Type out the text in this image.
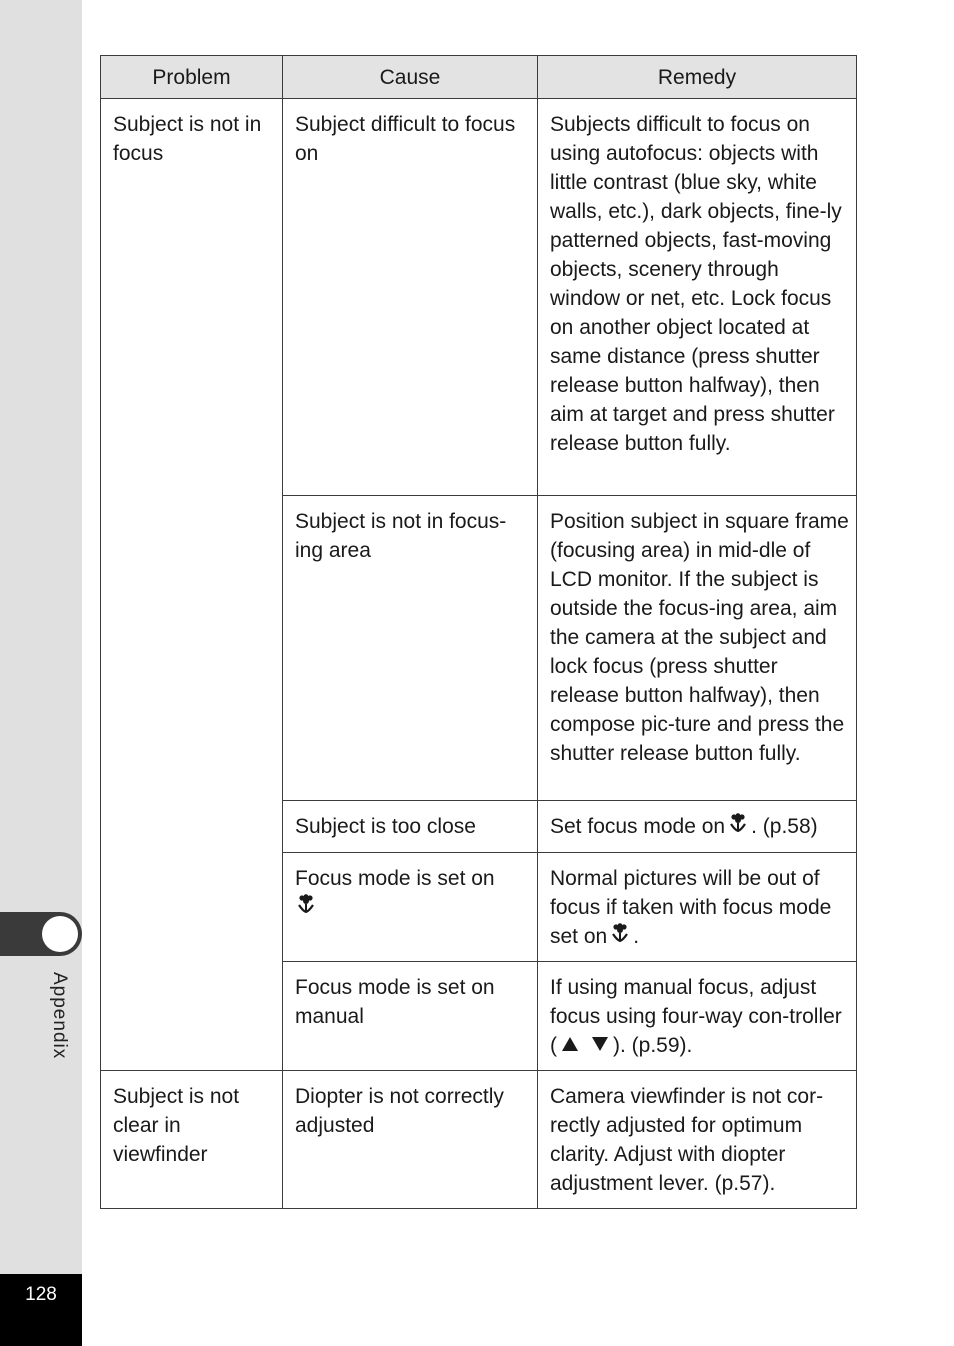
Appendix
128
Problem	Cause	Remedy
Subject is not in focus	Subject difficult to focus on	Subjects difficult to focus on using autofocus: objects with little contrast (blue sky, white walls, etc.), dark objects, fine-ly patterned objects, fast-moving objects, scenery through window or net, etc. Lock focus on another object located at same distance (press shutter release button halfway), then aim at target and press shutter release button fully.
	Subject is not in focus-ing area	Position subject in square frame (focusing area) in mid-dle of LCD monitor. If the subject is outside the focus-ing area, aim the camera at the subject and lock focus (press shutter release button halfway), then compose pic-ture and press the shutter release button fully.
	Subject is too close	Set focus mode on . (p.58)
	Focus mode is set on	Normal pictures will be out of focus if taken with focus mode set on .
	Focus mode is set on manual	If using manual focus, adjust focus using four-way con-troller ( ). (p.59).
Subject is not clear in viewfinder	Diopter is not correctly adjusted	Camera viewfinder is not cor-rectly adjusted for optimum clarity. Adjust with diopter adjustment lever. (p.57).
